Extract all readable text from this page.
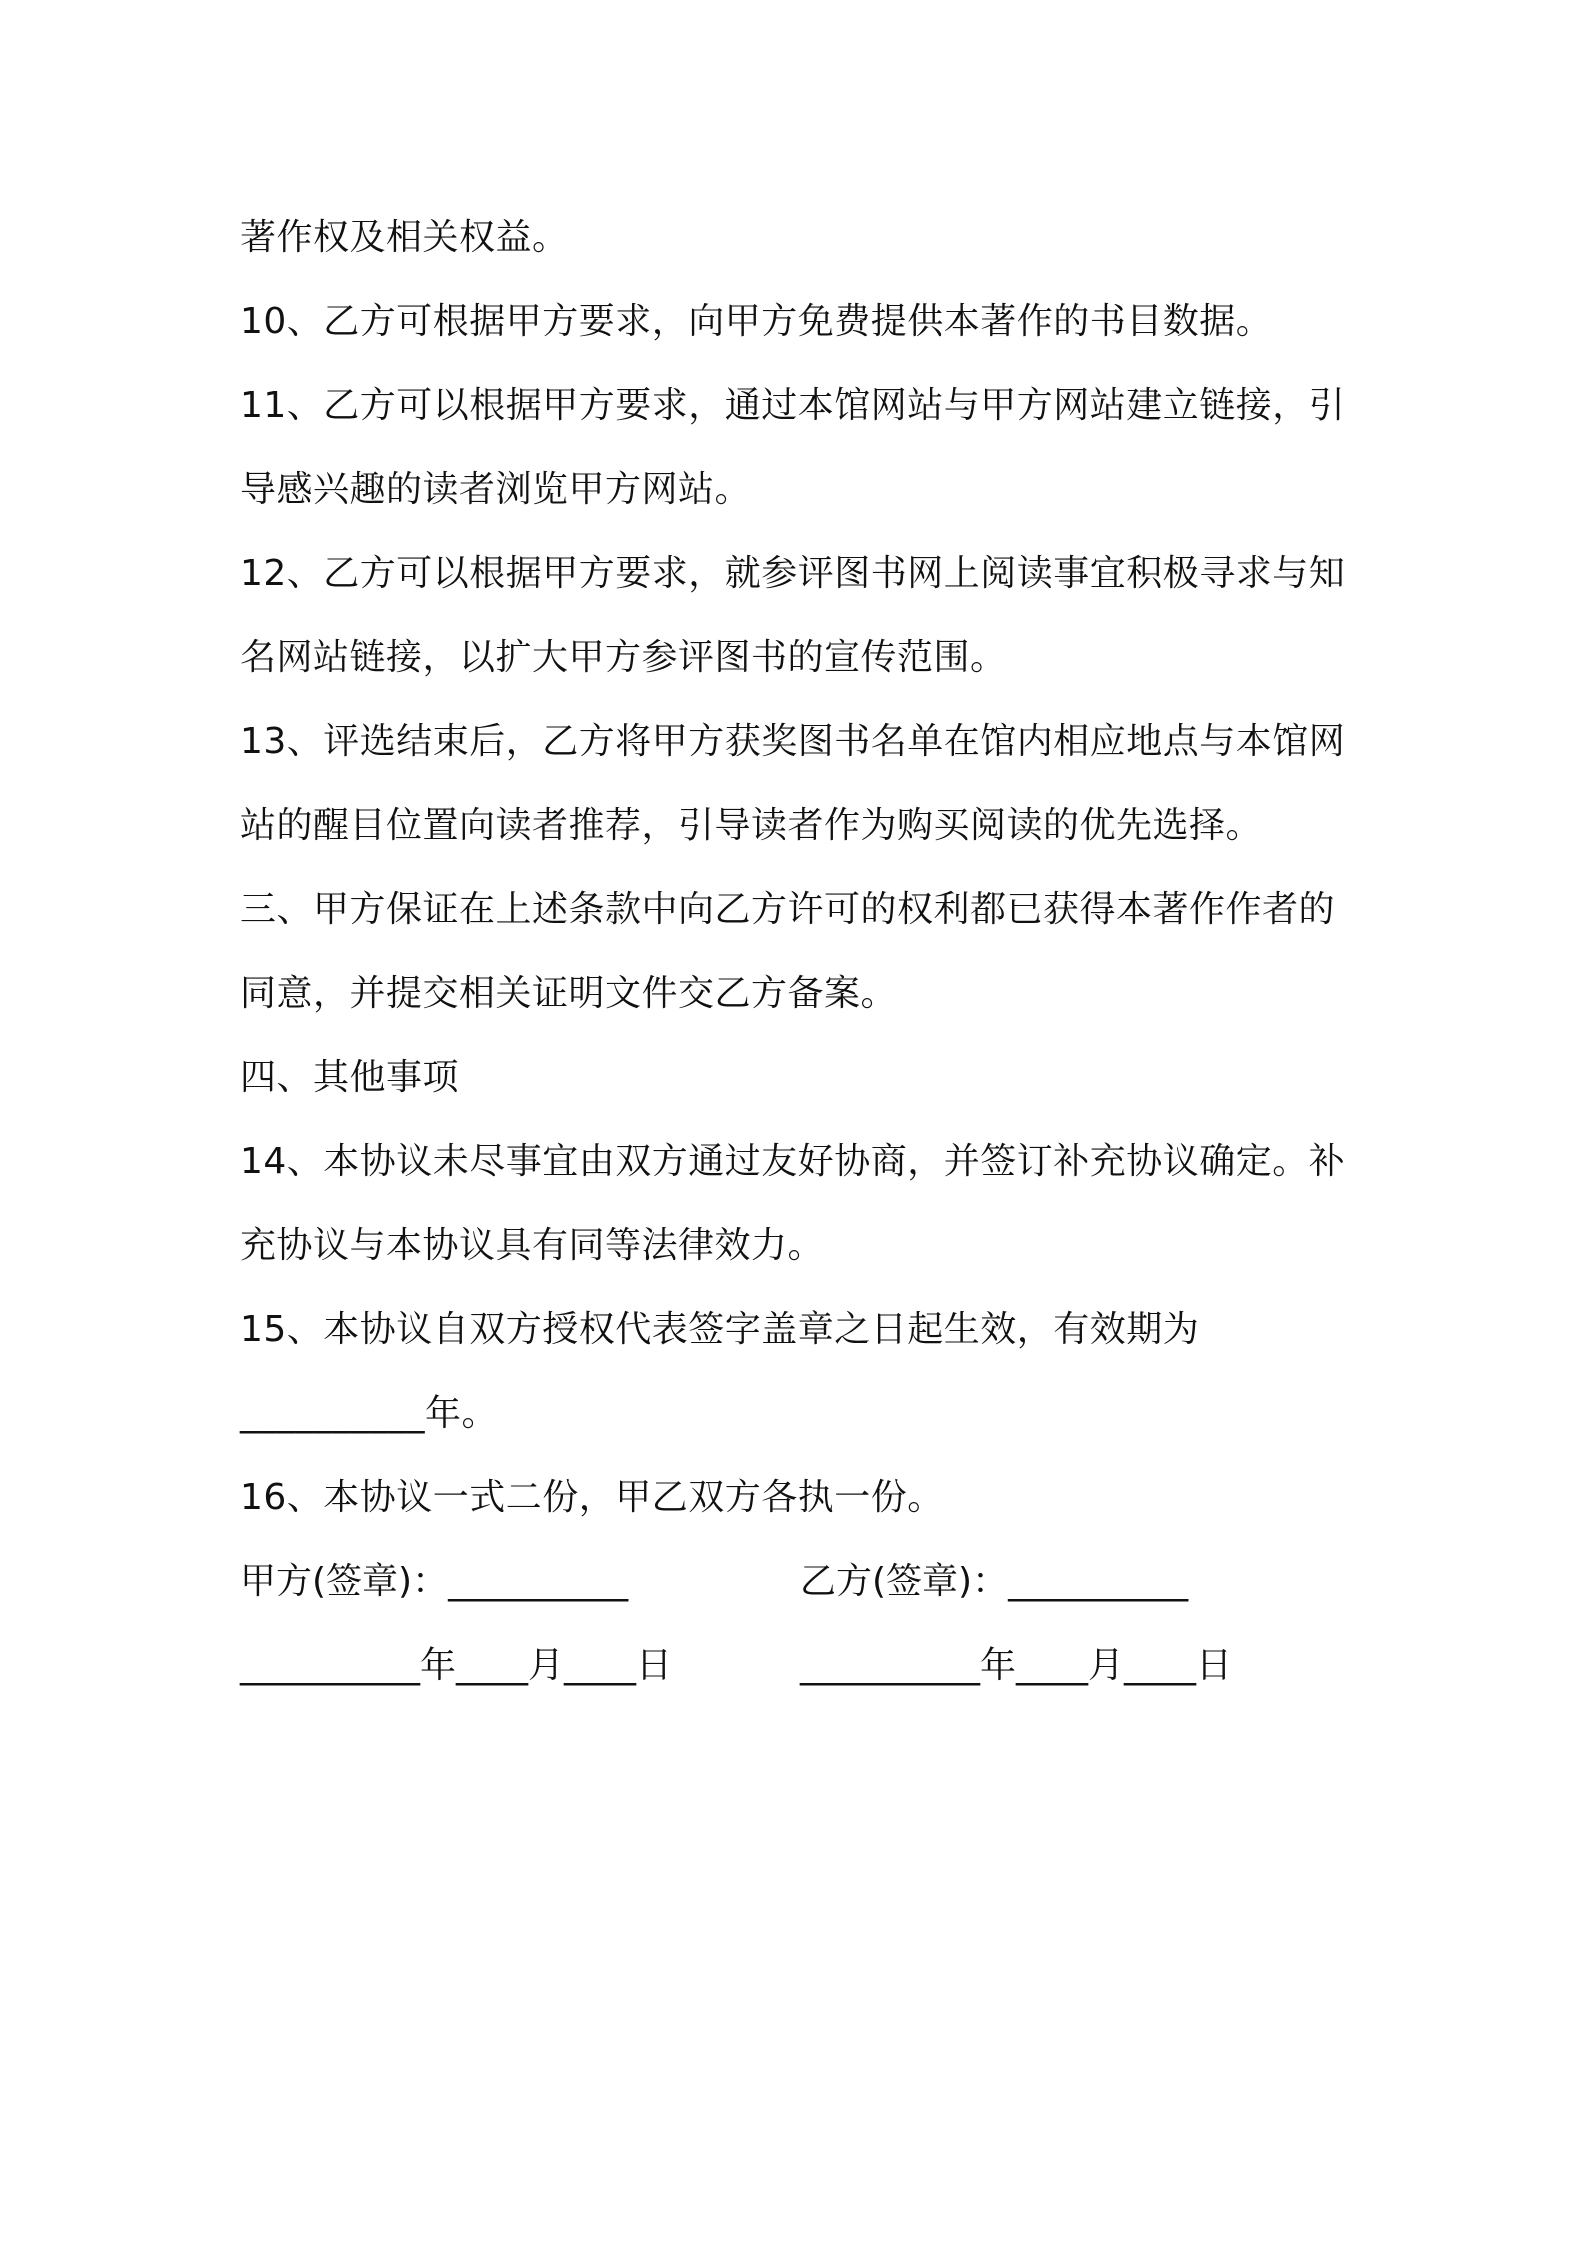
著作权及相关权益。
10、乙方可根据甲方要求，向甲方免费提供本著作的书目数据。
11、乙方可以根据甲方要求，通过本馆网站与甲方网站建立链接，引
导感兴趣的读者浏览甲方网站。
12、乙方可以根据甲方要求，就参评图书网上阅读事宜积极寻求与知
名网站链接，以扩大甲方参评图书的宣传范围。
13、评选结束后，乙方将甲方获奖图书名单在馆内相应地点与本馆网
站的醒目位置向读者推荐，引导读者作为购买阅读的优先选择。
三、甲方保证在上述条款中向乙方许可的权利都已获得本著作作者的
同意，并提交相关证明文件交乙方备案。
四、其他事项
14、本协议未尽事宜由双方通过友好协商，并签订补充协议确定。补
充协议与本协议具有同等法律效力。
15、本协议自双方授权代表签字盖章之日起生效，有效期为
__________年。
16、本协议一式二份，甲乙双方各执一份。
甲方(签章)：__________	乙方(签章)：__________
__________年____月____日	__________年____月____日
